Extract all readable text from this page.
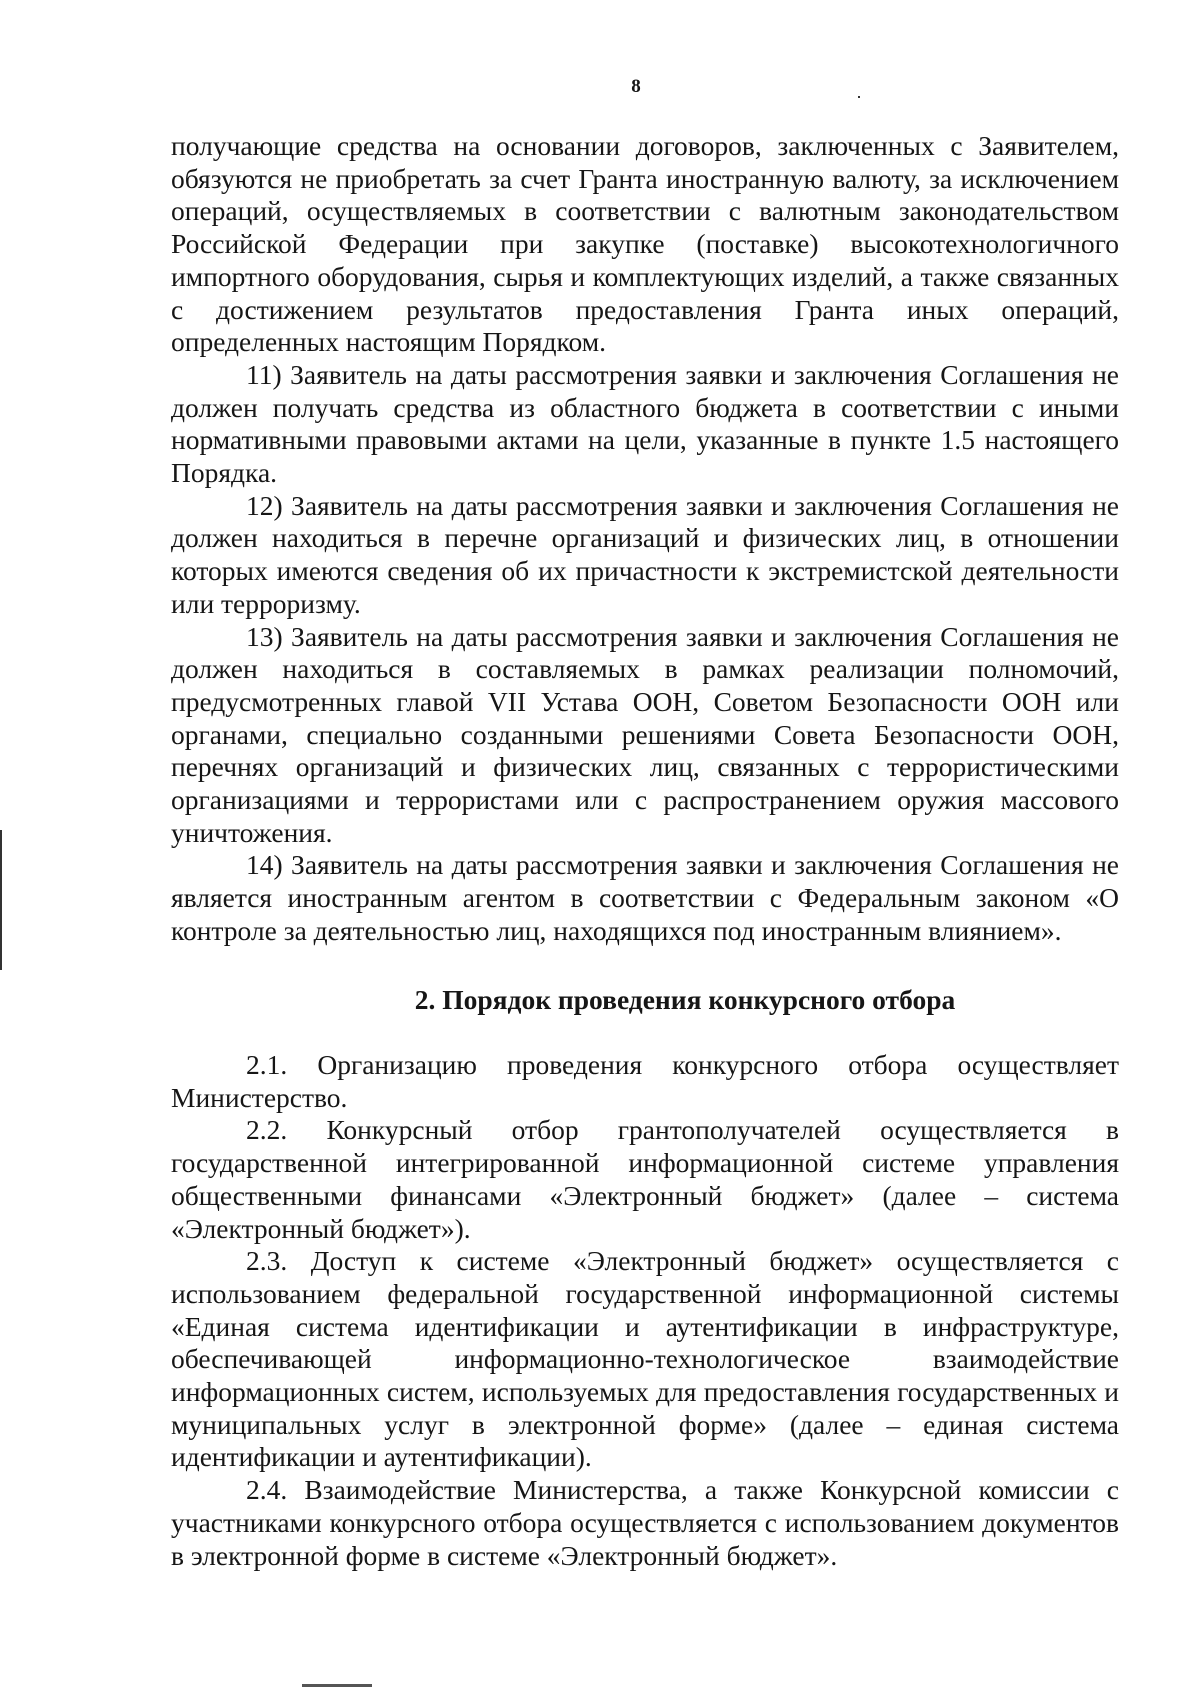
8

получающие средства на основании договоров, заключенных с Заявителем, обязуются не приобретать за счет Гранта иностранную валюту, за исключением операций, осуществляемых в соответствии с валютным законодательством Российской Федерации при закупке (поставке) высокотехнологичного импортного оборудования, сырья и комплектующих изделий, а также связанных с достижением результатов предоставления Гранта иных операций, определенных настоящим Порядком.

11) Заявитель на даты рассмотрения заявки и заключения Соглашения не должен получать средства из областного бюджета в соответствии с иными нормативными правовыми актами на цели, указанные в пункте 1.5 настоящего Порядка.

12) Заявитель на даты рассмотрения заявки и заключения Соглашения не должен находиться в перечне организаций и физических лиц, в отношении которых имеются сведения об их причастности к экстремистской деятельности или терроризму.

13) Заявитель на даты рассмотрения заявки и заключения Соглашения не должен находиться в составляемых в рамках реализации полномочий, предусмотренных главой VII Устава ООН, Советом Безопасности ООН или органами, специально созданными решениями Совета Безопасности ООН, перечнях организаций и физических лиц, связанных с террористическими организациями и террористами или с распространением оружия массового уничтожения.

14) Заявитель на даты рассмотрения заявки и заключения Соглашения не является иностранным агентом в соответствии с Федеральным законом «О контроле за деятельностью лиц, находящихся под иностранным влиянием».

2. Порядок проведения конкурсного отбора

2.1. Организацию проведения конкурсного отбора осуществляет Министерство.

2.2. Конкурсный отбор грантополучателей осуществляется в государственной интегрированной информационной системе управления общественными финансами «Электронный бюджет» (далее – система «Электронный бюджет»).

2.3. Доступ к системе «Электронный бюджет» осуществляется с использованием федеральной государственной информационной системы «Единая система идентификации и аутентификации в инфраструктуре, обеспечивающей информационно-технологическое взаимодействие информационных систем, используемых для предоставления государственных и муниципальных услуг в электронной форме» (далее – единая система идентификации и аутентификации).

2.4. Взаимодействие Министерства, а также Конкурсной комиссии с участниками конкурсного отбора осуществляется с использованием документов в электронной форме в системе «Электронный бюджет».
